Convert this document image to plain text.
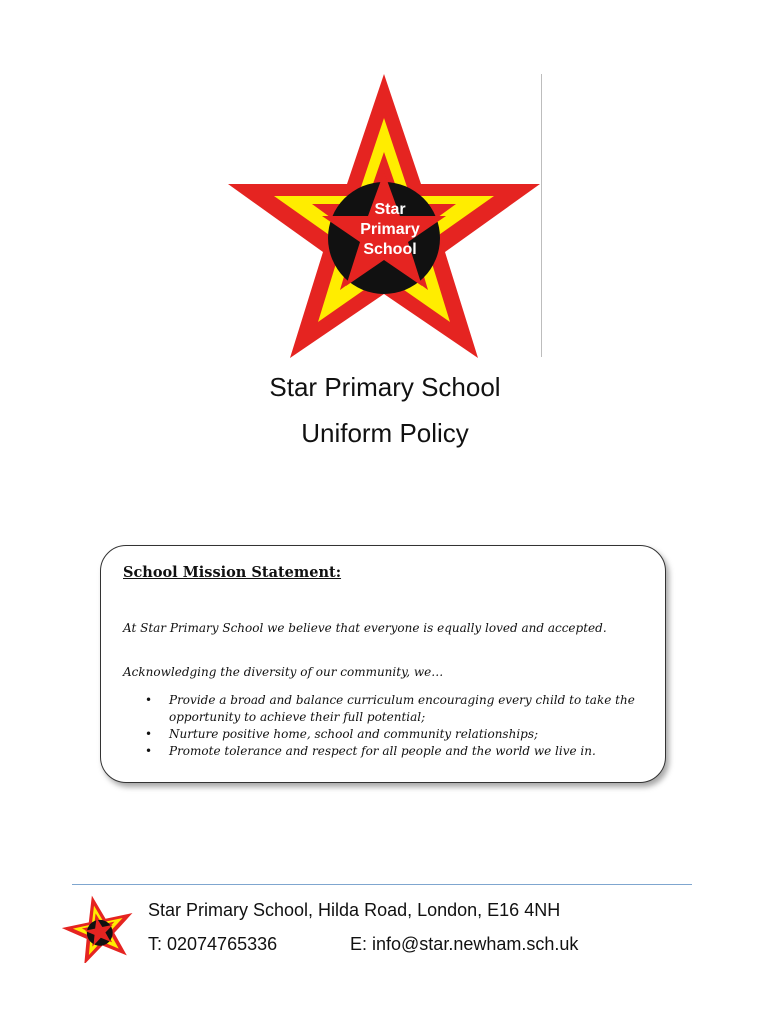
Star
Primary
School
Star Primary School
Uniform Policy
School Mission Statement:
At Star Primary School we believe that everyone is equally loved and accepted.
Acknowledging the diversity of our community, we…
• Provide a broad and balance curriculum encouraging every child to take the opportunity to achieve their full potential;
• Nurture positive home, school and community relationships;
• Promote tolerance and respect for all people and the world we live in.
Star Primary School, Hilda Road, London, E16 4NH
T: 02074765336	E: info@star.newham.sch.uk
